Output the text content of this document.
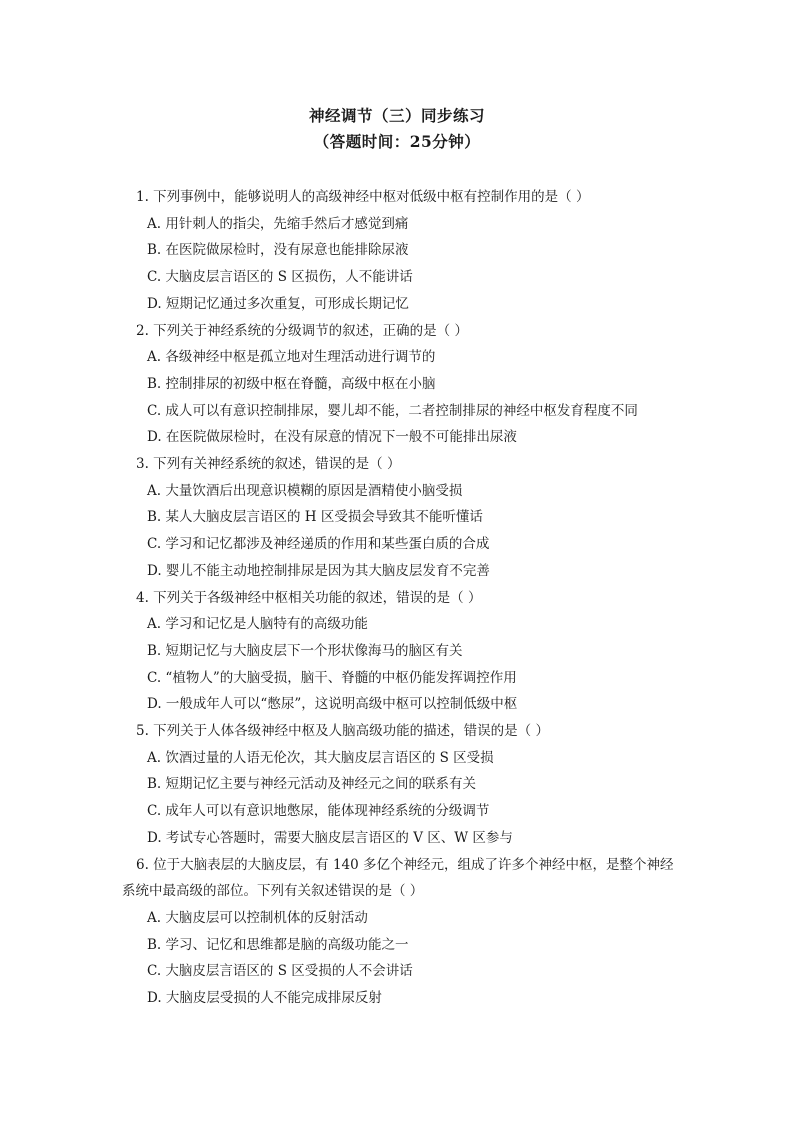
神经调节（三）同步练习
（答题时间：25分钟）
1. 下列事例中，能够说明人的高级神经中枢对低级中枢有控制作用的是（ ）
A. 用针刺人的指尖，先缩手然后才感觉到痛
B. 在医院做尿检时，没有尿意也能排除尿液
C. 大脑皮层言语区的 S 区损伤，人不能讲话
D. 短期记忆通过多次重复，可形成长期记忆
2. 下列关于神经系统的分级调节的叙述，正确的是（ ）
A. 各级神经中枢是孤立地对生理活动进行调节的
B. 控制排尿的初级中枢在脊髓，高级中枢在小脑
C. 成人可以有意识控制排尿，婴儿却不能，二者控制排尿的神经中枢发育程度不同
D. 在医院做尿检时，在没有尿意的情况下一般不可能排出尿液
3. 下列有关神经系统的叙述，错误的是（ ）
A. 大量饮酒后出现意识模糊的原因是酒精使小脑受损
B. 某人大脑皮层言语区的 H 区受损会导致其不能听懂话
C. 学习和记忆都涉及神经递质的作用和某些蛋白质的合成
D. 婴儿不能主动地控制排尿是因为其大脑皮层发育不完善
4. 下列关于各级神经中枢相关功能的叙述，错误的是（ ）
A. 学习和记忆是人脑特有的高级功能
B. 短期记忆与大脑皮层下一个形状像海马的脑区有关
C. “植物人”的大脑受损，脑干、脊髓的中枢仍能发挥调控作用
D. 一般成年人可以“憋尿”，这说明高级中枢可以控制低级中枢
5. 下列关于人体各级神经中枢及人脑高级功能的描述，错误的是（ ）
A. 饮酒过量的人语无伦次，其大脑皮层言语区的 S 区受损
B. 短期记忆主要与神经元活动及神经元之间的联系有关
C. 成年人可以有意识地憋尿，能体现神经系统的分级调节
D. 考试专心答题时，需要大脑皮层言语区的 V 区、W 区参与
6. 位于大脑表层的大脑皮层，有 140 多亿个神经元，组成了许多个神经中枢，是整个神经系统中最高级的部位。下列有关叙述错误的是（ ）
A. 大脑皮层可以控制机体的反射活动
B. 学习、记忆和思维都是脑的高级功能之一
C. 大脑皮层言语区的 S 区受损的人不会讲话
D. 大脑皮层受损的人不能完成排尿反射
